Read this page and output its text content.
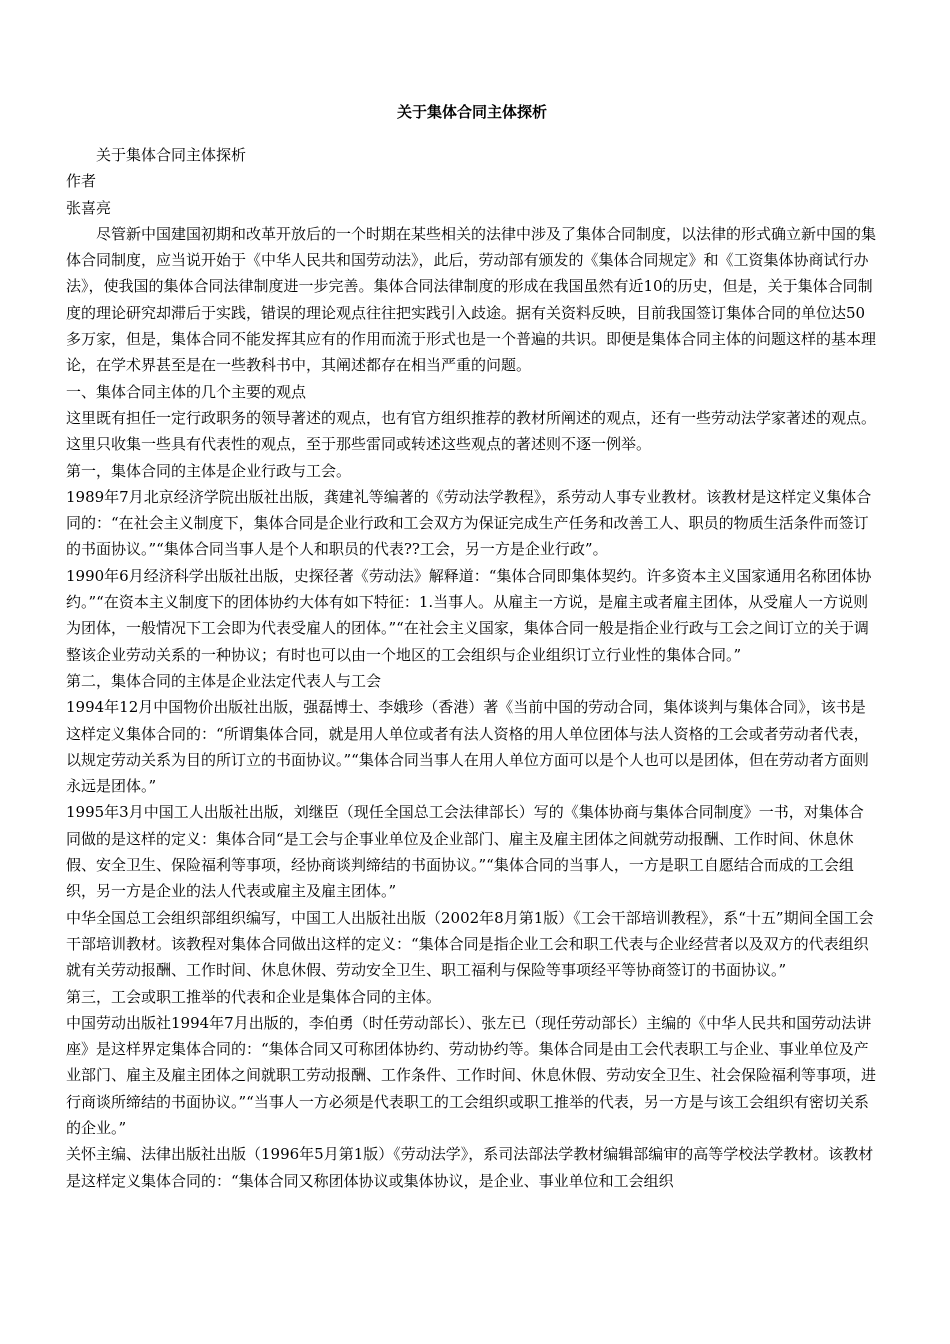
关于集体合同主体探析

关于集体合同主体探析

作者

张喜亮

尽管新中国建国初期和改革开放后的一个时期在某些相关的法律中涉及了集体合同制度，以法律的形式确立新中国的集体合同制度，应当说开始于《中华人民共和国劳动法》，此后，劳动部有颁发的《集体合同规定》和《工资集体协商试行办法》，使我国的集体合同法律制度进一步完善。集体合同法律制度的形成在我国虽然有近10的历史，但是，关于集体合同制度的理论研究却滞后于实践，错误的理论观点往往把实践引入歧途。据有关资料反映，目前我国签订集体合同的单位达50多万家，但是，集体合同不能发挥其应有的作用而流于形式也是一个普遍的共识。即便是集体合同主体的问题这样的基本理论，在学术界甚至是在一些教科书中，其阐述都存在相当严重的问题。

一、集体合同主体的几个主要的观点

这里既有担任一定行政职务的领导著述的观点，也有官方组织推荐的教材所阐述的观点，还有一些劳动法学家著述的观点。这里只收集一些具有代表性的观点，至于那些雷同或转述这些观点的著述则不逐一例举。

第一，集体合同的主体是企业行政与工会。

1989年7月北京经济学院出版社出版，龚建礼等编著的《劳动法学教程》，系劳动人事专业教材。该教材是这样定义集体合同的：“在社会主义制度下，集体合同是企业行政和工会双方为保证完成生产任务和改善工人、职员的物质生活条件而签订的书面协议。”“集体合同当事人是个人和职员的代表??工会，另一方是企业行政”。

1990年6月经济科学出版社出版，史探径著《劳动法》解释道：“集体合同即集体契约。许多资本主义国家通用名称团体协约。”“在资本主义制度下的团体协约大体有如下特征：1.当事人。从雇主一方说，是雇主或者雇主团体，从受雇人一方说则为团体，一般情况下工会即为代表受雇人的团体。”“在社会主义国家，集体合同一般是指企业行政与工会之间订立的关于调整该企业劳动关系的一种协议；有时也可以由一个地区的工会组织与企业组织订立行业性的集体合同。”

第二，集体合同的主体是企业法定代表人与工会

1994年12月中国物价出版社出版，强磊博士、李娥珍（香港）著《当前中国的劳动合同，集体谈判与集体合同》，该书是这样定义集体合同的：“所谓集体合同，就是用人单位或者有法人资格的用人单位团体与法人资格的工会或者劳动者代表，以规定劳动关系为目的所订立的书面协议。”“集体合同当事人在用人单位方面可以是个人也可以是团体，但在劳动者方面则永远是团体。”

1995年3月中国工人出版社出版，刘继臣（现任全国总工会法律部长）写的《集体协商与集体合同制度》一书，对集体合同做的是这样的定义：集体合同“是工会与企事业单位及企业部门、雇主及雇主团体之间就劳动报酬、工作时间、休息休假、安全卫生、保险福利等事项，经协商谈判缔结的书面协议。”“集体合同的当事人，一方是职工自愿结合而成的工会组织，另一方是企业的法人代表或雇主及雇主团体。”

中华全国总工会组织部组织编写，中国工人出版社出版（2002年8月第1版）《工会干部培训教程》，系“十五”期间全国工会干部培训教材。该教程对集体合同做出这样的定义：“集体合同是指企业工会和职工代表与企业经营者以及双方的代表组织就有关劳动报酬、工作时间、休息休假、劳动安全卫生、职工福利与保险等事项经平等协商签订的书面协议。”

第三，工会或职工推举的代表和企业是集体合同的主体。

中国劳动出版社1994年7月出版的，李伯勇（时任劳动部长）、张左已（现任劳动部长）主编的《中华人民共和国劳动法讲座》是这样界定集体合同的：“集体合同又可称团体协约、劳动协约等。集体合同是由工会代表职工与企业、事业单位及产业部门、雇主及雇主团体之间就职工劳动报酬、工作条件、工作时间、休息休假、劳动安全卫生、社会保险福利等事项，进行商谈所缔结的书面协议。”“当事人一方必须是代表职工的工会组织或职工推举的代表，另一方是与该工会组织有密切关系的企业。”

关怀主编、法律出版社出版（1996年5月第1版）《劳动法学》，系司法部法学教材编辑部编审的高等学校法学教材。该教材是这样定义集体合同的：“集体合同又称团体协议或集体协议，是企业、事业单位和工会组织
